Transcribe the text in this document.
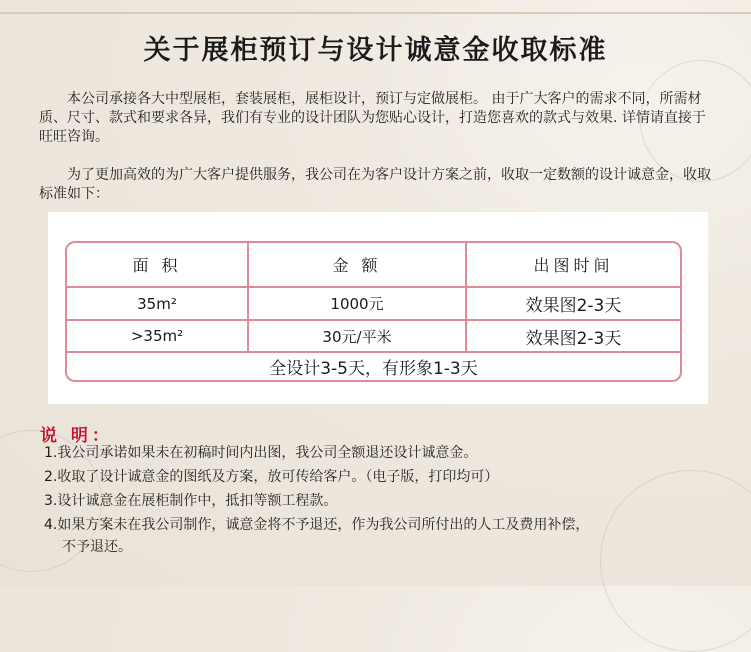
关于展柜预订与设计诚意金收取标准
本公司承接各大中型展柜，套装展柜，展柜设计，预订与定做展柜。 由于广大客户的需求不同，所需材质、尺寸、款式和要求各异，我们有专业的设计团队为您贴心设计，打造您喜欢的款式与效果. 详情请直接于旺旺咨询。
为了更加高效的为广大客户提供服务，我公司在为客户设计方案之前，收取一定数额的设计诚意金，收取标准如下：
面 积	金 额	出图时间
35m²	1000元	效果图2-3天
>35m²	30元/平米	效果图2-3天
全设计3-5天，有形象1-3天
说 明：
1.我公司承诺如果未在初稿时间内出图，我公司全额退还设计诚意金。
2.收取了设计诚意金的图纸及方案，放可传给客户。（电子版，打印均可）
3.设计诚意金在展柜制作中，抵扣等额工程款。
4.如果方案未在我公司制作，诚意金将不予退还，作为我公司所付出的人工及费用补偿，
不予退还。
